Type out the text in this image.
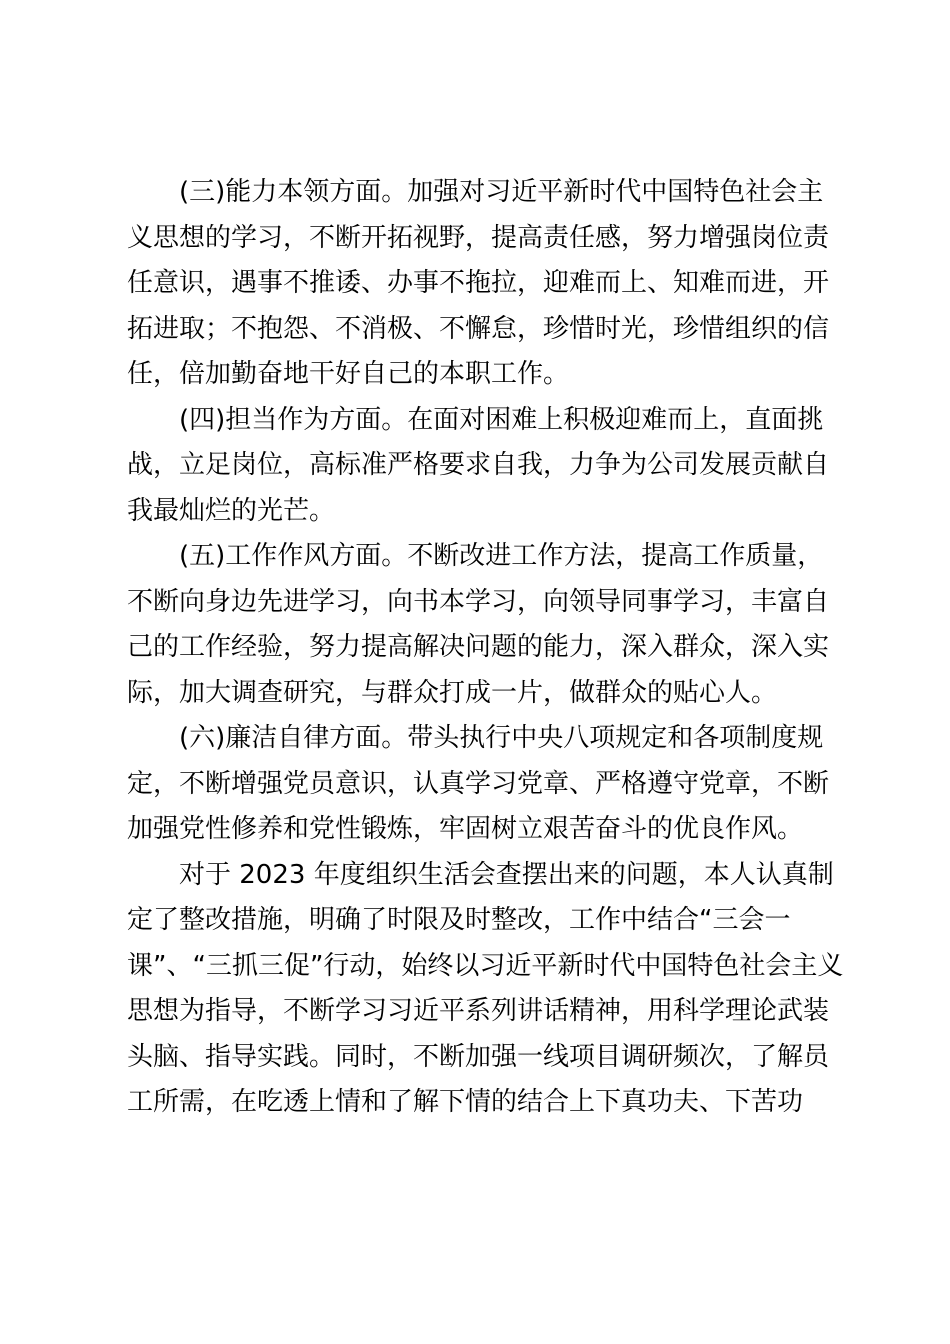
(三)能力本领方面。加强对习近平新时代中国特色社会主
义思想的学习，不断开拓视野，提高责任感，努力增强岗位责
任意识，遇事不推诿、办事不拖拉，迎难而上、知难而进，开
拓进取；不抱怨、不消极、不懈怠，珍惜时光，珍惜组织的信
任，倍加勤奋地干好自己的本职工作。
(四)担当作为方面。在面对困难上积极迎难而上，直面挑
战，立足岗位，高标准严格要求自我，力争为公司发展贡献自
我最灿烂的光芒。
(五)工作作风方面。不断改进工作方法，提高工作质量，
不断向身边先进学习，向书本学习，向领导同事学习，丰富自
己的工作经验，努力提高解决问题的能力，深入群众，深入实
际，加大调查研究，与群众打成一片，做群众的贴心人。
(六)廉洁自律方面。带头执行中央八项规定和各项制度规
定，不断增强党员意识，认真学习党章、严格遵守党章，不断
加强党性修养和党性锻炼，牢固树立艰苦奋斗的优良作风。
对于 2023 年度组织生活会查摆出来的问题，本人认真制
定了整改措施，明确了时限及时整改，工作中结合“三会一
课”、“三抓三促”行动，始终以习近平新时代中国特色社会主义
思想为指导，不断学习习近平系列讲话精神，用科学理论武装
头脑、指导实践。同时，不断加强一线项目调研频次，了解员
工所需，在吃透上情和了解下情的结合上下真功夫、下苦功
